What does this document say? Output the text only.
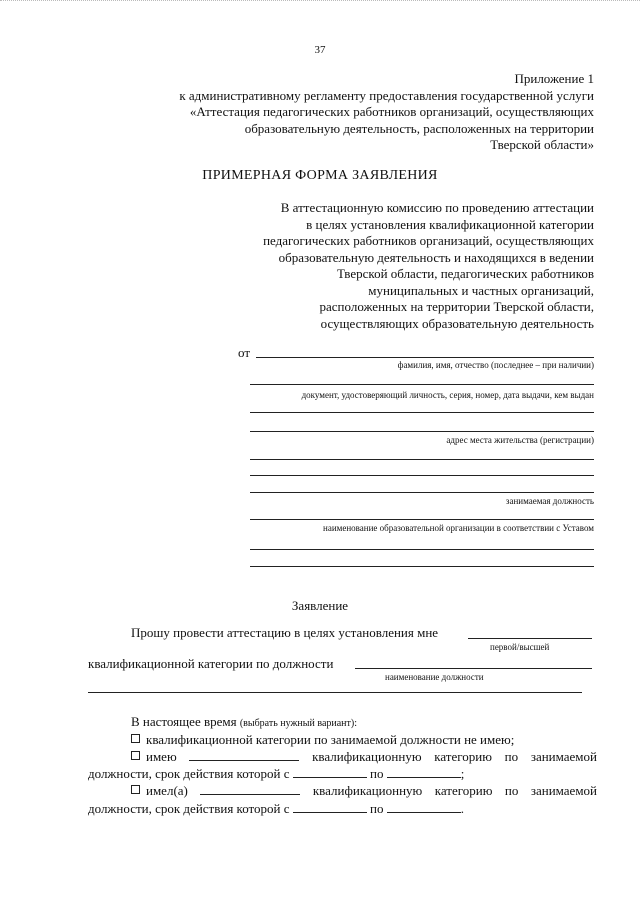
37
Приложение 1
к административному регламенту предоставления государственной услуги
«Аттестация педагогических работников организаций, осуществляющих
образовательную деятельность, расположенных на территории
Тверской области»
ПРИМЕРНАЯ ФОРМА ЗАЯВЛЕНИЯ
В аттестационную комиссию по проведению аттестации
в целях установления квалификационной категории
педагогических работников организаций, осуществляющих
образовательную деятельность и находящихся в ведении
Тверской области, педагогических работников
муниципальных и частных организаций,
расположенных на территории Тверской области,
осуществляющих образовательную деятельность
от
фамилия, имя, отчество (последнее – при наличии)
документ, удостоверяющий личность, серия, номер, дата выдачи, кем выдан
адрес места жительства (регистрации)
занимаемая должность
наименование образовательной организации в соответствии с Уставом
Заявление
Прошу провести аттестацию в целях установления мне
первой/высшей
квалификационной категории по должности
наименование должности
В настоящее время (выбрать нужный вариант):
квалификационной категории по занимаемой должности не имею;
имею	квалификационную категорию по занимаемой
должности, срок действия которой с	по	;
имел(а)	квалификационную категорию по занимаемой
должности, срок действия которой с	по	.
